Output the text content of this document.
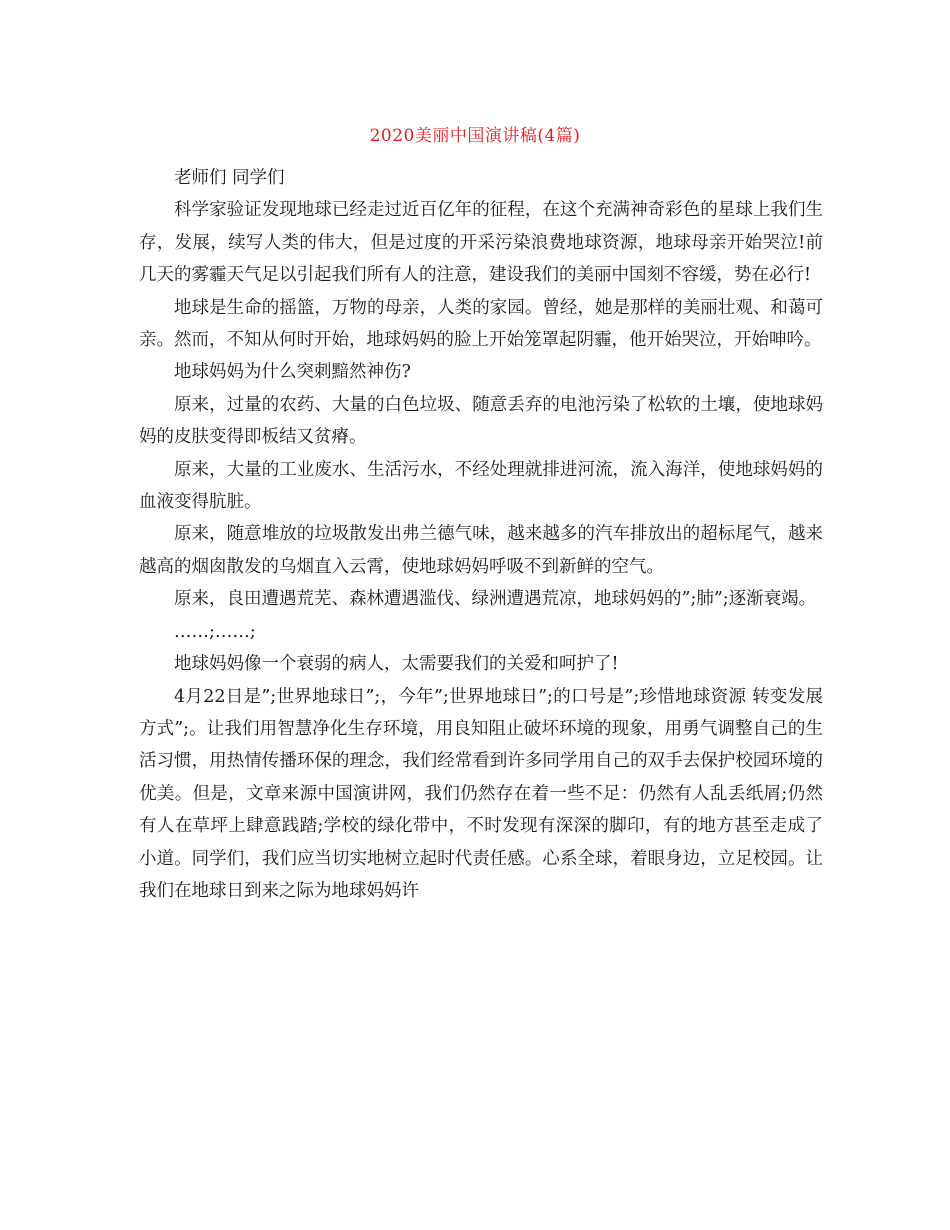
2020美丽中国演讲稿(4篇)

老师们 同学们

科学家验证发现地球已经走过近百亿年的征程，在这个充满神奇彩色的星球上我们生存，发展，续写人类的伟大，但是过度的开采污染浪费地球资源，地球母亲开始哭泣!前几天的雾霾天气足以引起我们所有人的注意，建设我们的美丽中国刻不容缓，势在必行!

地球是生命的摇篮，万物的母亲，人类的家园。曾经，她是那样的美丽壮观、和蔼可亲。然而，不知从何时开始，地球妈妈的脸上开始笼罩起阴霾，他开始哭泣，开始呻吟。

地球妈妈为什么突刺黯然神伤?

原来，过量的农药、大量的白色垃圾、随意丢弃的电池污染了松软的土壤，使地球妈妈的皮肤变得即板结又贫瘠。

原来，大量的工业废水、生活污水，不经处理就排进河流，流入海洋，使地球妈妈的血液变得肮脏。

原来，随意堆放的垃圾散发出弗兰德气味，越来越多的汽车排放出的超标尾气，越来越高的烟囱散发的乌烟直入云霄，使地球妈妈呼吸不到新鲜的空气。

原来，良田遭遇荒芜、森林遭遇滥伐、绿洲遭遇荒凉，地球妈妈的”;肺”;逐渐衰竭。

……;……;

地球妈妈像一个衰弱的病人，太需要我们的关爱和呵护了!

4月22日是”;世界地球日”;，今年”;世界地球日”;的口号是”;珍惜地球资源 转变发展方式”;。让我们用智慧净化生存环境，用良知阻止破坏环境的现象，用勇气调整自己的生活习惯，用热情传播环保的理念，我们经常看到许多同学用自己的双手去保护校园环境的优美。但是，文章来源中国演讲网，我们仍然存在着一些不足：仍然有人乱丢纸屑;仍然有人在草坪上肆意践踏;学校的绿化带中，不时发现有深深的脚印，有的地方甚至走成了小道。同学们，我们应当切实地树立起时代责任感。心系全球，着眼身边，立足校园。让我们在地球日到来之际为地球妈妈许
